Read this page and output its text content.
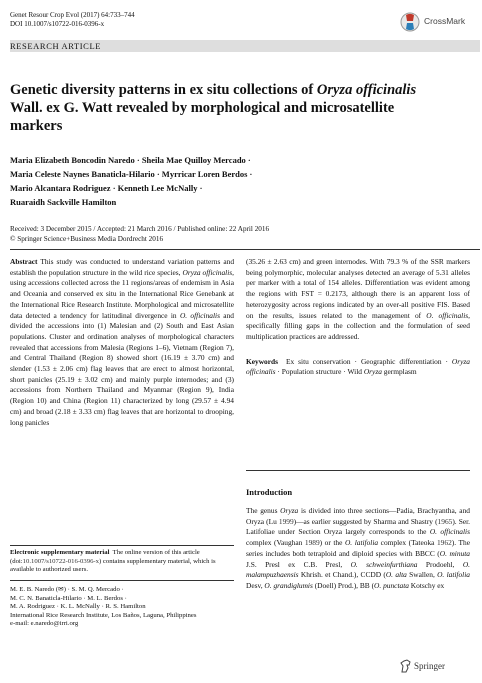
Genet Resour Crop Evol (2017) 64:733–744
DOI 10.1007/s10722-016-0396-x	CrossMark
RESEARCH ARTICLE
Genetic diversity patterns in ex situ collections of Oryza officinalis Wall. ex G. Watt revealed by morphological and microsatellite markers
Maria Elizabeth Boncodin Naredo · Sheila Mae Quilloy Mercado ·
Maria Celeste Naynes Banaticla-Hilario · Myrricar Loren Berdos ·
Mario Alcantara Rodriguez · Kenneth Lee McNally ·
Ruaraidh Sackville Hamilton
Received: 3 December 2015 / Accepted: 21 March 2016 / Published online: 22 April 2016
© Springer Science+Business Media Dordrecht 2016
Abstract This study was conducted to understand variation patterns and establish the population structure in the wild rice species, Oryza officinalis, using accessions collected across the 11 regions/areas of endemism in Asia and Oceania and conserved ex situ in the International Rice Genebank at the International Rice Research Institute. Morphological and microsatellite data detected a tendency for latitudinal divergence in O. officinalis and divided the accessions into (1) Malesian and (2) South and East Asian populations. Cluster and ordination analyses of morphological characters revealed that accessions from Malesia (Regions 1–6), Vietnam (Region 7), and Central Thailand (Region 8) showed short (16.19 ± 3.70 cm) and slender (1.53 ± 2.06 cm) flag leaves that are erect to almost horizontal, short panicles (25.19 ± 3.02 cm) and mainly purple internodes; and (3) accessions from Northern Thailand and Myanmar (Region 9), India (Region 10) and China (Region 11) characterized by long (29.57 ± 4.94 cm) and broad (2.18 ± 3.33 cm) flag leaves that are horizontal to drooping, long panicles
(35.26 ± 2.63 cm) and green internodes. With 79.3 % of the SSR markers being polymorphic, molecular analyses detected an average of 5.31 alleles per marker with a total of 154 alleles. Differentiation was evident among the regions with FST = 0.2173, although there is an apparent loss of heterozygosity across regions indicated by an over-all positive FIS. Based on the results, issues related to the management of O. officinalis, specifically filling gaps in the collection and the formulation of seed multiplication practices are addressed.
Keywords Ex situ conservation · Geographic differentiation · Oryza officinalis · Population structure · Wild Oryza germplasm
Introduction
The genus Oryza is divided into three sections—Padia, Brachyantha, and Oryza (Lu 1999)—as earlier suggested by Sharma and Shastry (1965). Ser. Latifoliae under Section Oryza largely corresponds to the O. officinalis complex (Vaughan 1989) or the O. latifolia complex (Tateoka 1962). The series includes both tetraploid and diploid species with BBCC (O. minuta J.S. Presl ex C.B. Presl, O. schweinfurthiana Prodoehl, O. malampuzhaensis Khrish. et Chand.), CCDD (O. alta Swallen, O. latifolia Desv, O. grandiglumis (Doell) Prod.), BB (O. punctata Kotschy ex
Electronic supplementary material The online version of this article (doi:10.1007/s10722-016-0396-x) contains supplementary material, which is available to authorized users.
M. E. B. Naredo (✉) · S. M. Q. Mercado ·
M. C. N. Banaticla-Hilario · M. L. Berdos ·
M. A. Rodriguez · K. L. McNally · R. S. Hamilton
International Rice Research Institute, Los Baños, Laguna, Philippines
e-mail: e.naredo@irri.org
Springer
